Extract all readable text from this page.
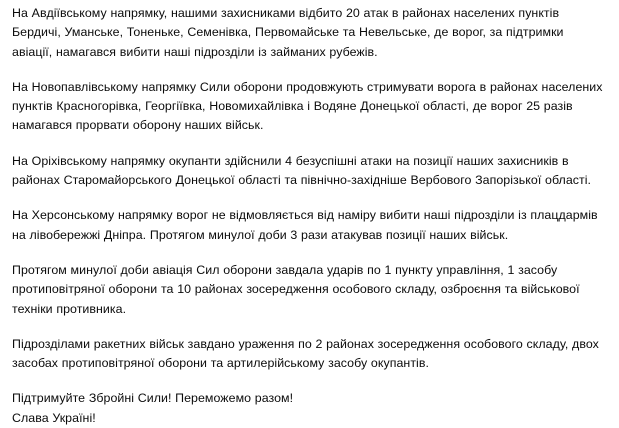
На Авдіївському напрямку, нашими захисниками відбито 20 атак в районах населених пунктів Бердичі, Уманське, Тоненьке, Семенівка, Первомайське та Невельське, де ворог, за підтримки авіації, намагався вибити наші підрозділи із займаних рубежів.

На Новопавлівському напрямку Сили оборони продовжують стримувати ворога в районах населених пунктів Красногорівка, Георгіївка, Новомихайлівка і Водяне Донецької області, де ворог 25 разів намагався прорвати оборону наших військ.

На Оріхівському напрямку окупанти здійснили 4 безуспішні атаки на позиції наших захисників в районах Старомайорського Донецької області та північно-західніше Вербового Запорізької області.

На Херсонському напрямку ворог не відмовляється від наміру вибити наші підрозділи із плацдармів на лівобережжі Дніпра. Протягом минулої доби 3 рази атакував позиції наших військ.

Протягом минулої доби авіація Сил оборони завдала ударів по 1 пункту управління, 1 засобу протиповітряної оборони та 10 районах зосередження особового складу, озброєння та військової техніки противника.

Підрозділами ракетних військ завдано ураження по 2 районах зосередження особового складу, двох засобах протиповітряної оборони та артилерійському засобу окупантів.

Підтримуйте Збройні Сили! Переможемо разом!
Слава Україні!
